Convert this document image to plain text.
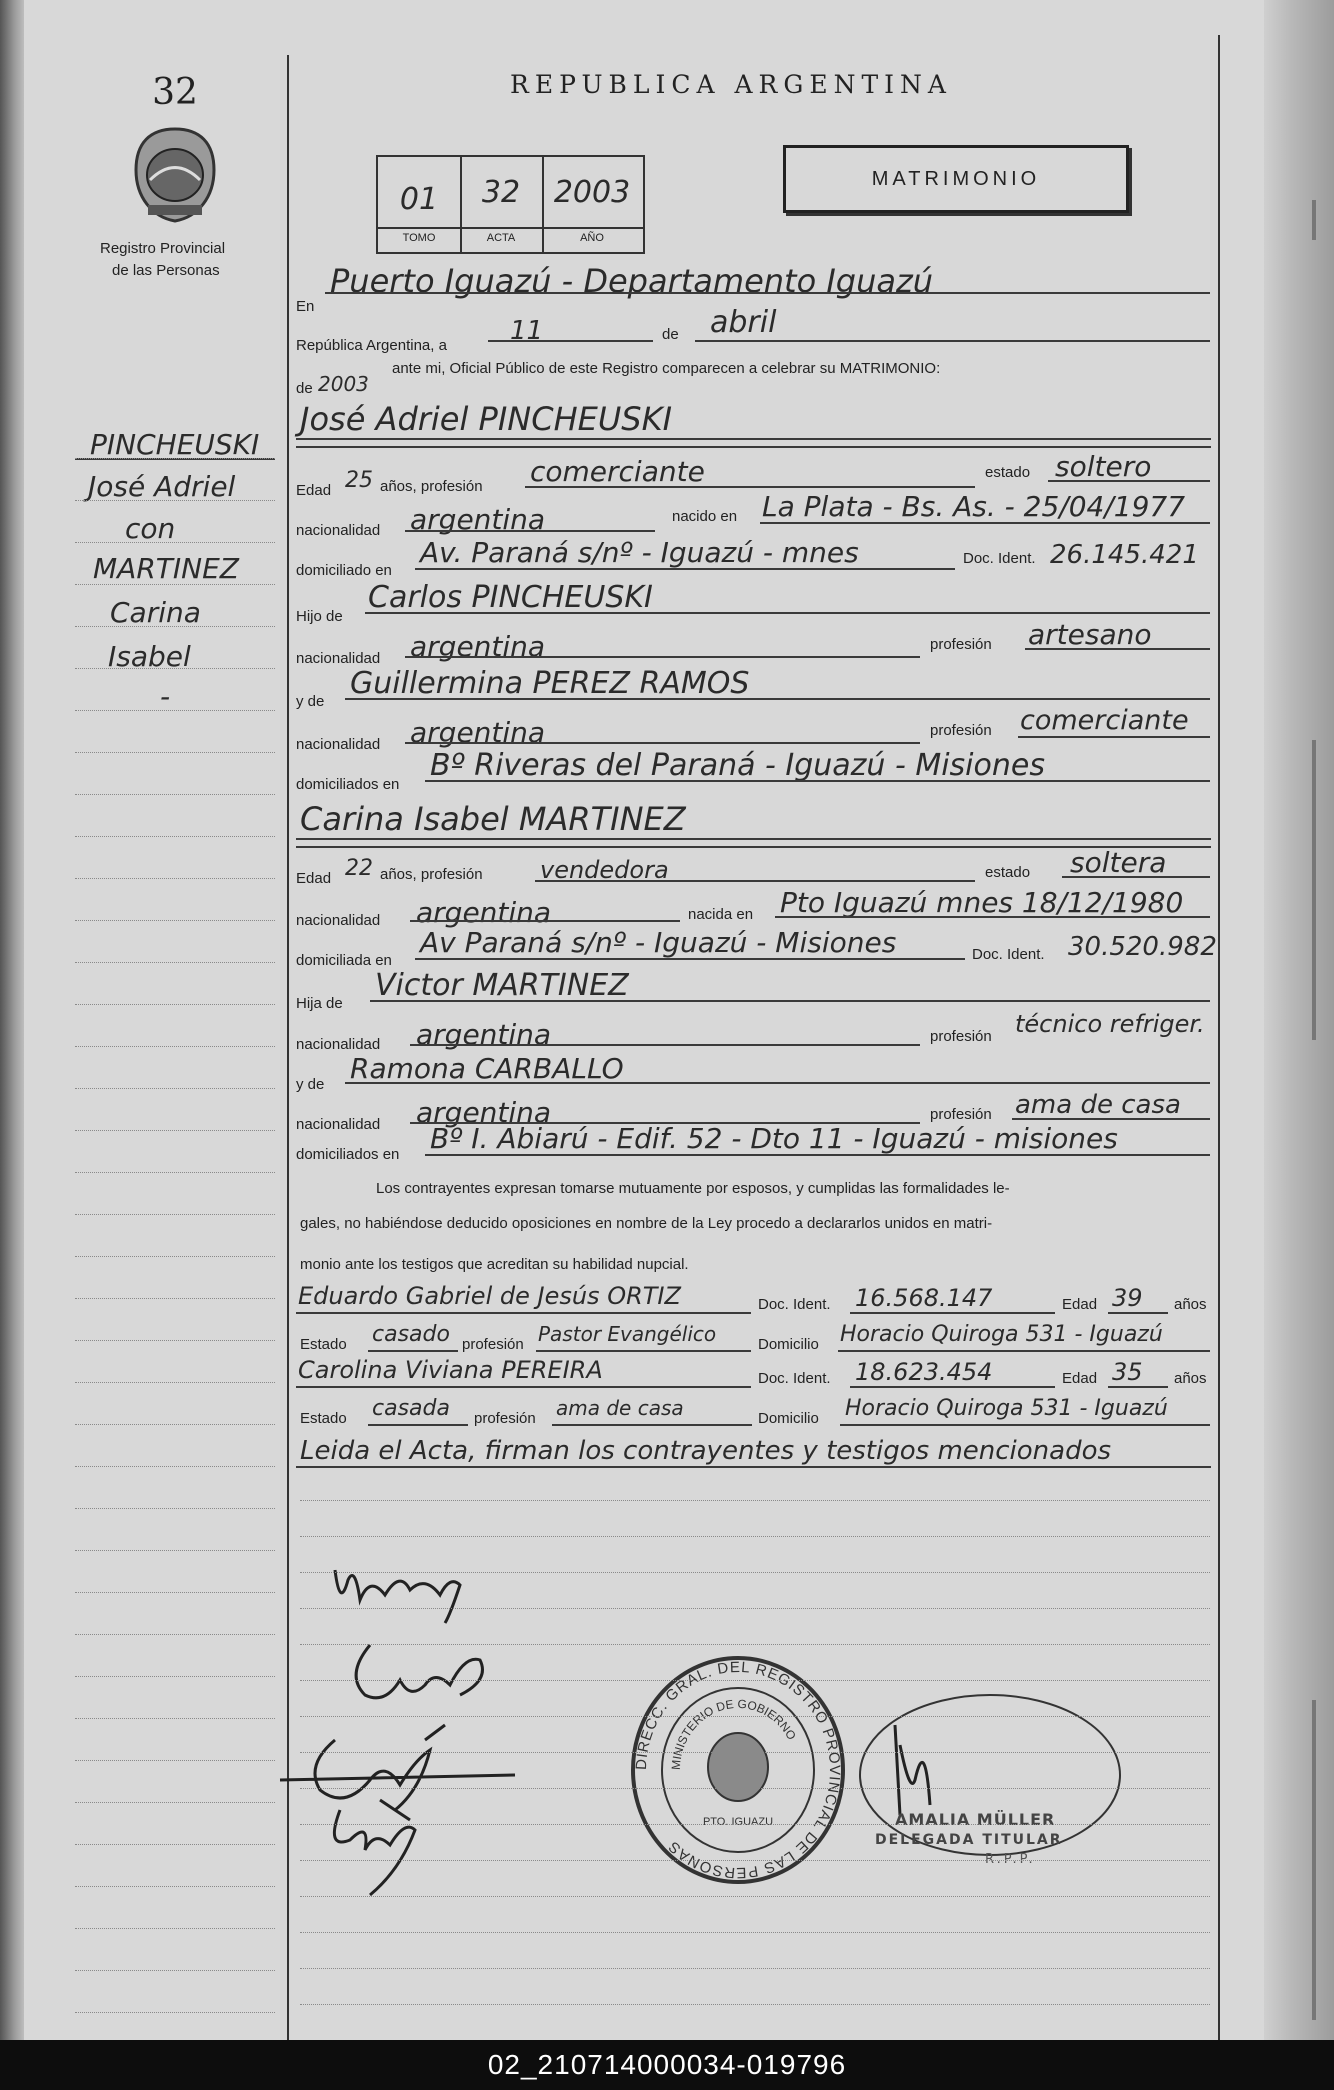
32
Registro Provincial
de las Personas
PINCHEUSKI
José Adriel
con
MARTINEZ
Carina
Isabel
-
REPUBLICA ARGENTINA
MATRIMONIO
01	32	2003
TOMO	ACTA	AÑO
En
Puerto Iguazú - Departamento Iguazú
República Argentina, a 11	de abril
de 2003
ante mi, Oficial Público de este Registro comparecen a celebrar su MATRIMONIO:
José Adriel PINCHEUSKI
Edad 25 años, profesión comerciante	estado soltero
nacionalidad argentina	nacido en La Plata - Bs. As. - 25/04/1977
domiciliado en
Av. Paraná s/nº - Iguazú - mnes	Doc. Ident. 26.145.421
Hijo de
Carlos PINCHEUSKI
nacionalidad argentina	profesión artesano
y de
Guillermina PEREZ RAMOS
nacionalidad argentina	profesión comerciante
domiciliados en
Bº Riveras del Paraná - Iguazú - Misiones
Carina Isabel MARTINEZ
Edad 22 años, profesión vendedora	estado soltera
nacionalidad argentina	nacida en Pto Iguazú mnes 18/12/1980
domiciliada en
Av Paraná s/nº - Iguazú - Misiones	Doc. Ident. 30.520.982
Hija de
Victor MARTINEZ
nacionalidad argentina	profesión técnico refriger.
y de Ramona CARBALLO
nacionalidad argentina	profesión ama de casa
domiciliados en Bº I. Abiarú - Edif. 52 - Dto 11 - Iguazú - misiones
Los contrayentes expresan tomarse mutuamente por esposos, y cumplidas las formalidades le-
gales, no habiéndose deducido oposiciones en nombre de la Ley procedo a declararlos unidos en matri-
monio ante los testigos que acreditan su habilidad nupcial.
Eduardo Gabriel de Jesús ORTIZ	Doc. Ident. 16.568.147	Edad 39 años
Estado casado profesión Pastor Evangélico	Domicilio Horacio Quiroga 531 - Iguazú
Carolina Viviana PEREIRA	Doc. Ident. 18.623.454	Edad 35 años
Estado casada profesión ama de casa	Domicilio Horacio Quiroga 531 - Iguazú
Leida el Acta, firman los contrayentes y testigos mencionados
DIRECC. GRAL. DEL REGISTRO PROVINCIAL DE LAS PERSONAS
MINISTERIO DE GOBIERNO
PTO. IGUAZU	AMALIA MÜLLER
DELEGADA TITULAR
R.P.P.
02_210714000034-019796
